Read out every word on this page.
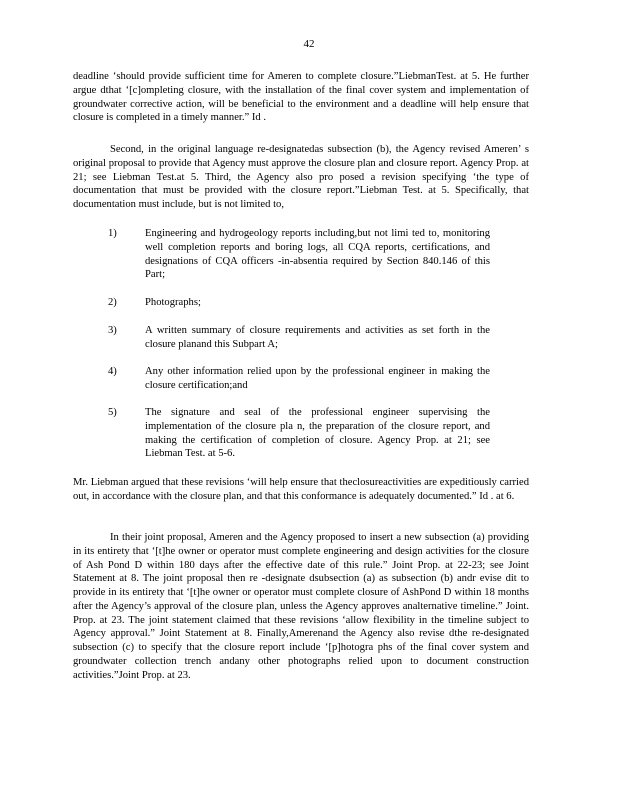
42

deadline ‘should provide sufficient time for Ameren to complete closure.”LiebmanTest. at 5. He further argue dthat ‘[c]ompleting closure, with the installation of the final cover system and implementation of groundwater corrective action, will be beneficial to the environment and a deadline will help ensure that closure is completed in a timely manner.” Id .

Second, in the original language re-designatedas subsection (b), the Agency revised Ameren’ s original proposal to provide that Agency must approve the closure plan and closure report. Agency Prop. at 21; see Liebman Test.at 5. Third, the Agency also pro posed a revision specifying ‘the type of documentation that must be provided with the closure report.”Liebman Test. at 5. Specifically, that documentation must include, but is not limited to,

1)	Engineering and hydrogeology reports including,but not limi ted to, monitoring well completion reports and boring logs, all CQA reports, certifications, and designations of CQA officers -in-absentia required by Section 840.146 of this Part;

2)	Photographs;

3)	A written summary of closure requirements and activities as set forth in the closure planand this Subpart A;

4)	Any other information relied upon by the professional engineer in making the closure certification;and

5)	The signature and seal of the professional engineer supervising the implementation of the closure pla n, the preparation of the closure report, and making the certification of completion of closure. Agency Prop. at 21; see Liebman Test. at 5-6.

Mr. Liebman argued that these revisions ‘will help ensure that theclosureactivities are expeditiously carried out, in accordance with the closure plan, and that this conformance is adequately documented.” Id . at 6.

In their joint proposal, Ameren and the Agency proposed to insert a new subsection (a) providing in its entirety that ‘[t]he owner or operator must complete engineering and design activities for the closure of Ash Pond D within 180 days after the effective date of this rule.” Joint Prop. at 22-23; see Joint Statement at 8. The joint proposal then re -designate dsubsection (a) as subsection (b) andr evise dit to provide in its entirety that ‘[t]he owner or operator must complete closure of AshPond D within 18 months after the Agency’s approval of the closure plan, unless the Agency approves analternative timeline.” Joint. Prop. at 23. The joint statement claimed that these revisions ‘allow flexibility in the timeline subject to Agency approval.” Joint Statement at 8. Finally,Amerenand the Agency also revise dthe re-designated subsection (c) to specify that the closure report include ‘[p]hotogra phs of the final cover system and groundwater collection trench andany other photographs relied upon to document construction activities.”Joint Prop. at 23.
